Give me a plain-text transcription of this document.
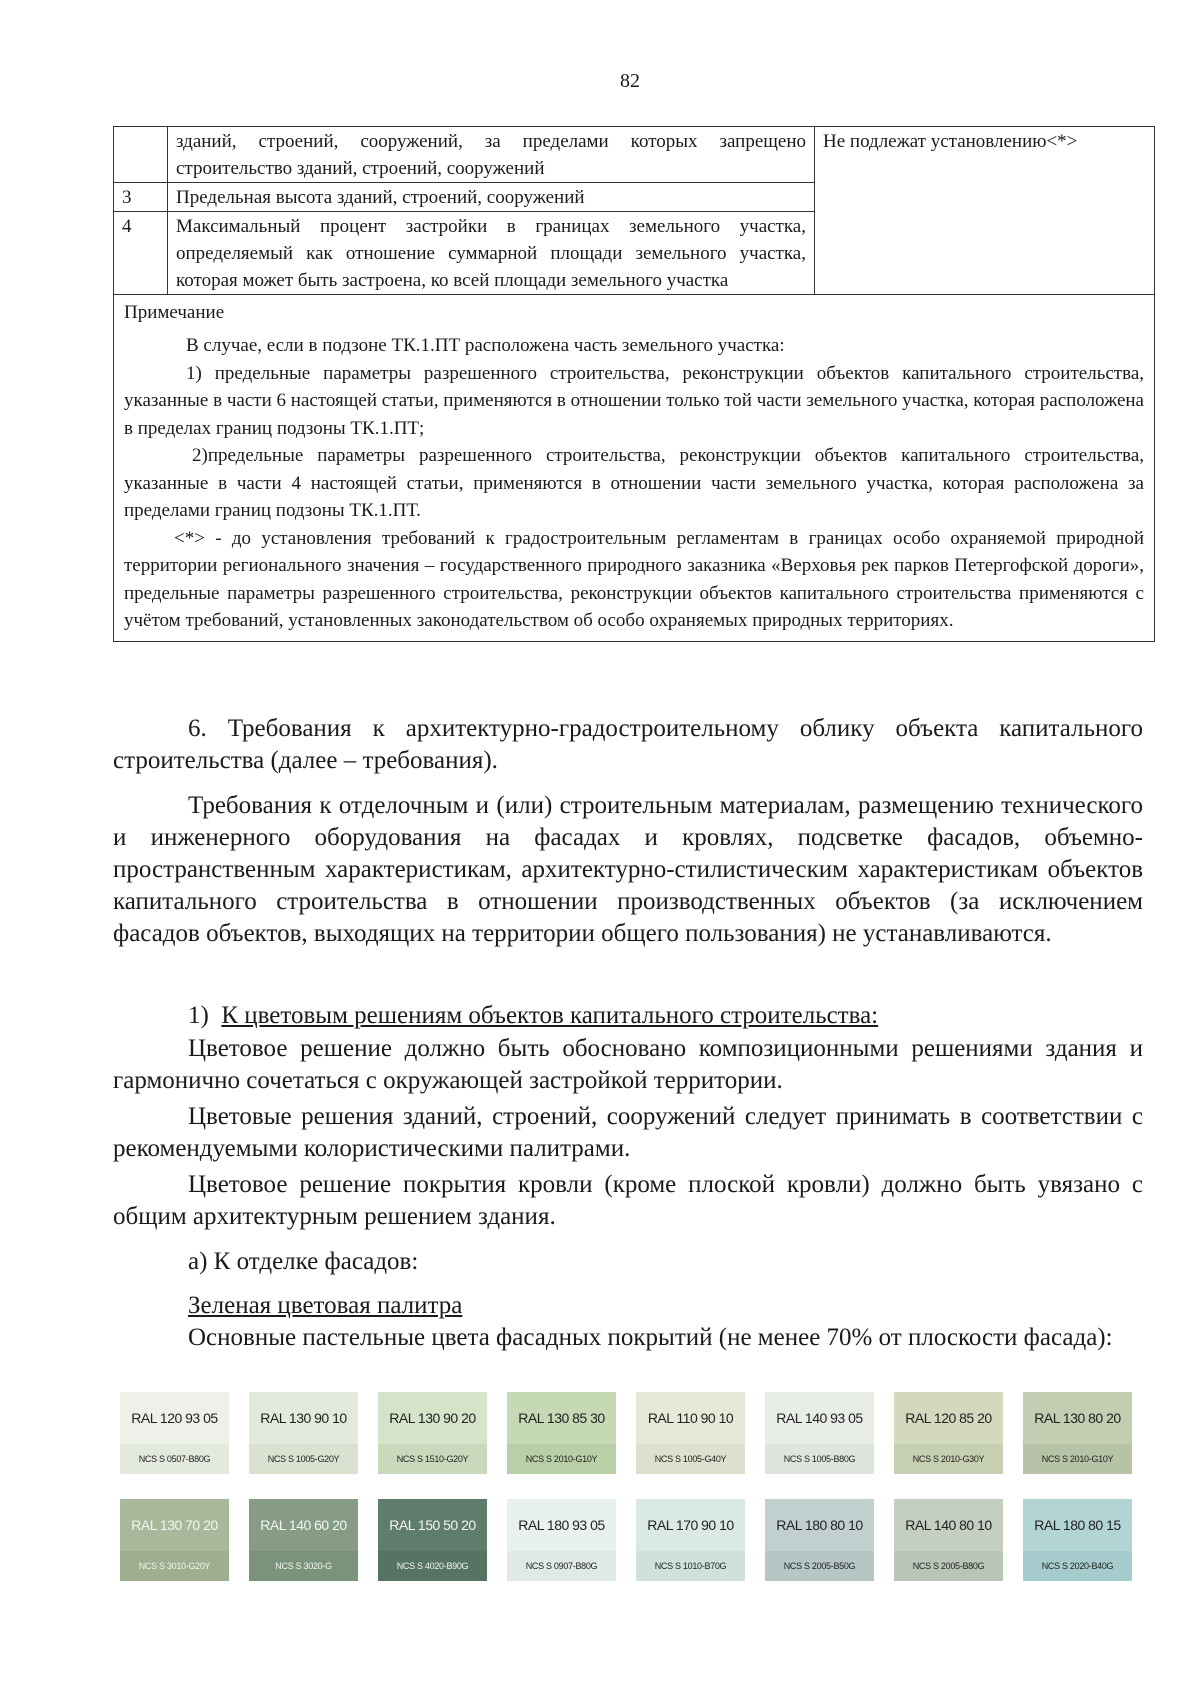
82
	зданий, строений, сооружений, за пределами которых запрещено строительство зданий, строений, сооружений	Не подлежат установлению<*>
3	Предельная высота зданий, строений, сооружений	
4	Максимальный процент застройки в границах земельного участка, определяемый как отношение суммарной площади земельного участка, которая может быть застроена, ко всей площади земельного участка	

Примечание

В случае, если в подзоне ТК.1.ПТ расположена часть земельного участка:

1) предельные параметры разрешенного строительства, реконструкции объектов капитального строительства, указанные в части 6 настоящей статьи, применяются в отношении только той части земельного участка, которая расположена в пределах границ подзоны ТК.1.ПТ;

2)предельные параметры разрешенного строительства, реконструкции объектов капитального строительства, указанные в части 4 настоящей статьи, применяются в отношении части земельного участка, которая расположена за пределами границ подзоны ТК.1.ПТ.

<*> - до установления требований к градостроительным регламентам в границах особо охраняемой природной территории регионального значения – государственного природного заказника «Верховья рек парков Петергофской дороги», предельные параметры разрешенного строительства, реконструкции объектов капитального строительства применяются с учётом требований, установленных законодательством об особо охраняемых природных территориях.		

6. Требования к архитектурно-градостроительному облику объекта капитального строительства (далее – требования).

Требования к отделочным и (или) строительным материалам, размещению технического и инженерного оборудования на фасадах и кровлях, подсветке фасадов, объемно-пространственным характеристикам, архитектурно-стилистическим характеристикам объектов капитального строительства в отношении производственных объектов (за исключением фасадов объектов, выходящих на территории общего пользования) не устанавливаются.

1) К цветовым решениям объектов капитального строительства:

Цветовое решение должно быть обосновано композиционными решениями здания и гармонично сочетаться с окружающей застройкой территории.

Цветовые решения зданий, строений, сооружений следует принимать в соответствии с рекомендуемыми колористическими палитрами.

Цветовое решение покрытия кровли (кроме плоской кровли) должно быть увязано с общим архитектурным решением здания.

а) К отделке фасадов:

Зеленая цветовая палитра

Основные пастельные цвета фасадных покрытий (не менее 70% от плоскости фасада):

RAL 120 93 05
NCS S 0507-B80G
RAL 130 90 10
NCS S 1005-G20Y
RAL 130 90 20
NCS S 1510-G20Y
RAL 130 85 30
NCS S 2010-G10Y
RAL 110 90 10
NCS S 1005-G40Y
RAL 140 93 05
NCS S 1005-B80G
RAL 120 85 20
NCS S 2010-G30Y
RAL 130 80 20
NCS S 2010-G10Y
RAL 130 70 20
NCS S 3010-G20Y
RAL 140 60 20
NCS S 3020-G
RAL 150 50 20
NCS S 4020-B90G
RAL 180 93 05
NCS S 0907-B80G
RAL 170 90 10
NCS S 1010-B70G
RAL 180 80 10
NCS S 2005-B50G
RAL 140 80 10
NCS S 2005-B80G
RAL 180 80 15
NCS S 2020-B40G
